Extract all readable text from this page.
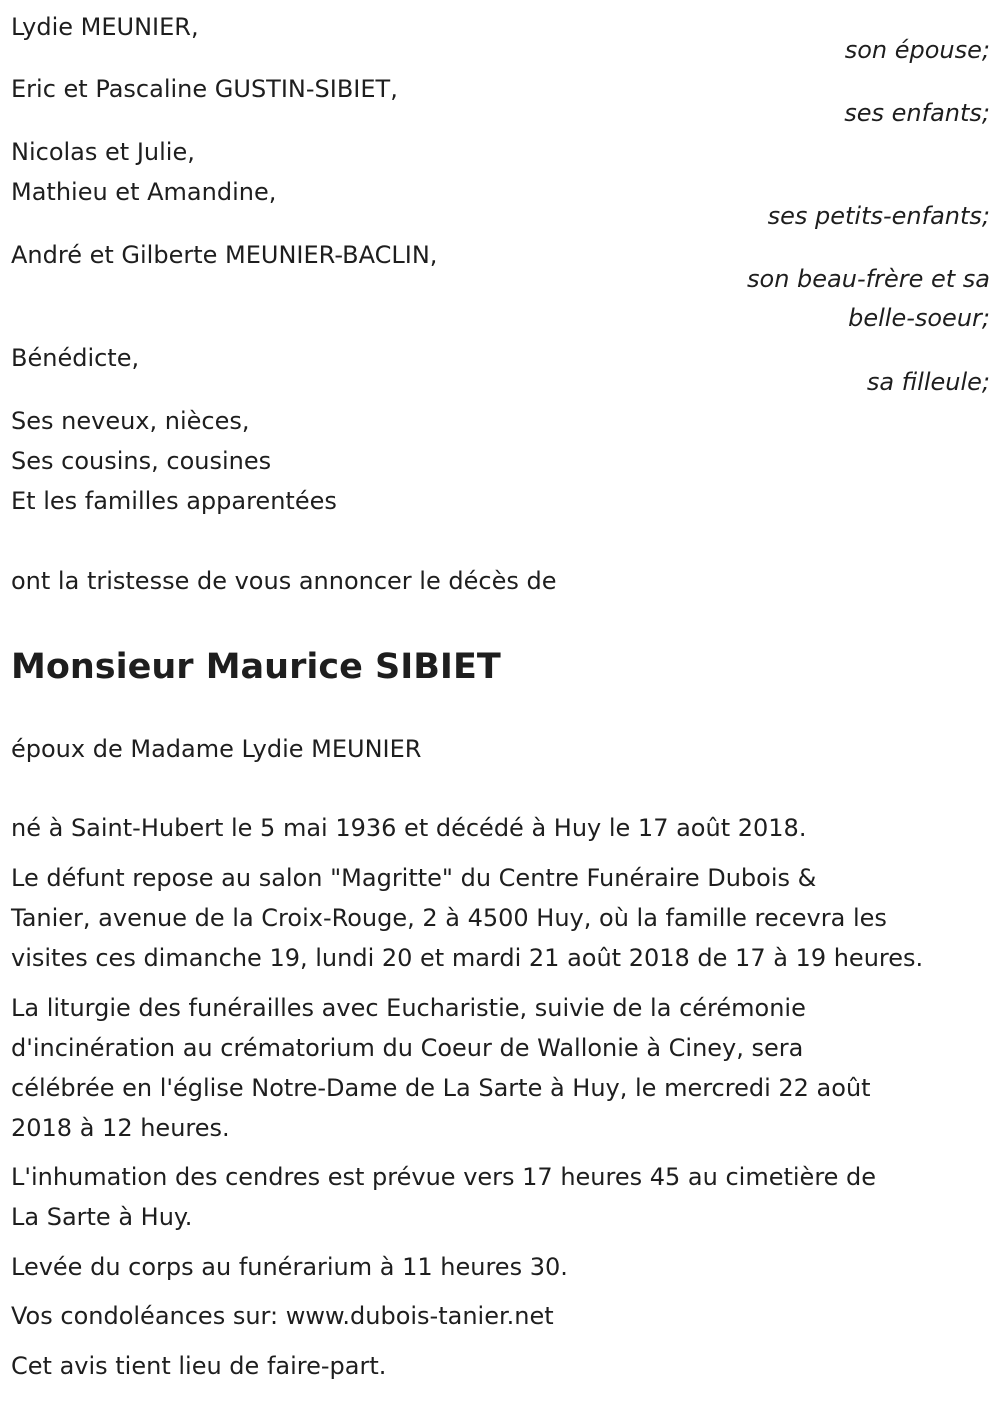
Lydie MEUNIER,
son épouse;
Eric et Pascaline GUSTIN-SIBIET,
ses enfants;
Nicolas et Julie,
Mathieu et Amandine,
ses petits-enfants;
André et Gilberte MEUNIER-BACLIN,
son beau-frère et sa
belle-soeur;
Bénédicte,
sa filleule;
Ses neveux, nièces,
Ses cousins, cousines
Et les familles apparentées
ont la tristesse de vous annoncer le décès de
Monsieur Maurice SIBIET
époux de Madame Lydie MEUNIER
né à Saint-Hubert le 5 mai 1936 et décédé à Huy le 17 août 2018.
Le défunt repose au salon "Magritte" du Centre Funéraire Dubois &
Tanier, avenue de la Croix-Rouge, 2 à 4500 Huy, où la famille recevra les
visites ces dimanche 19, lundi 20 et mardi 21 août 2018 de 17 à 19 heures.
La liturgie des funérailles avec Eucharistie, suivie de la cérémonie
d'incinération au crématorium du Coeur de Wallonie à Ciney, sera
célébrée en l'église Notre-Dame de La Sarte à Huy, le mercredi 22 août
2018 à 12 heures.
L'inhumation des cendres est prévue vers 17 heures 45 au cimetière de
La Sarte à Huy.
Levée du corps au funérarium à 11 heures 30.
Vos condoléances sur: www.dubois-tanier.net
Cet avis tient lieu de faire-part.
